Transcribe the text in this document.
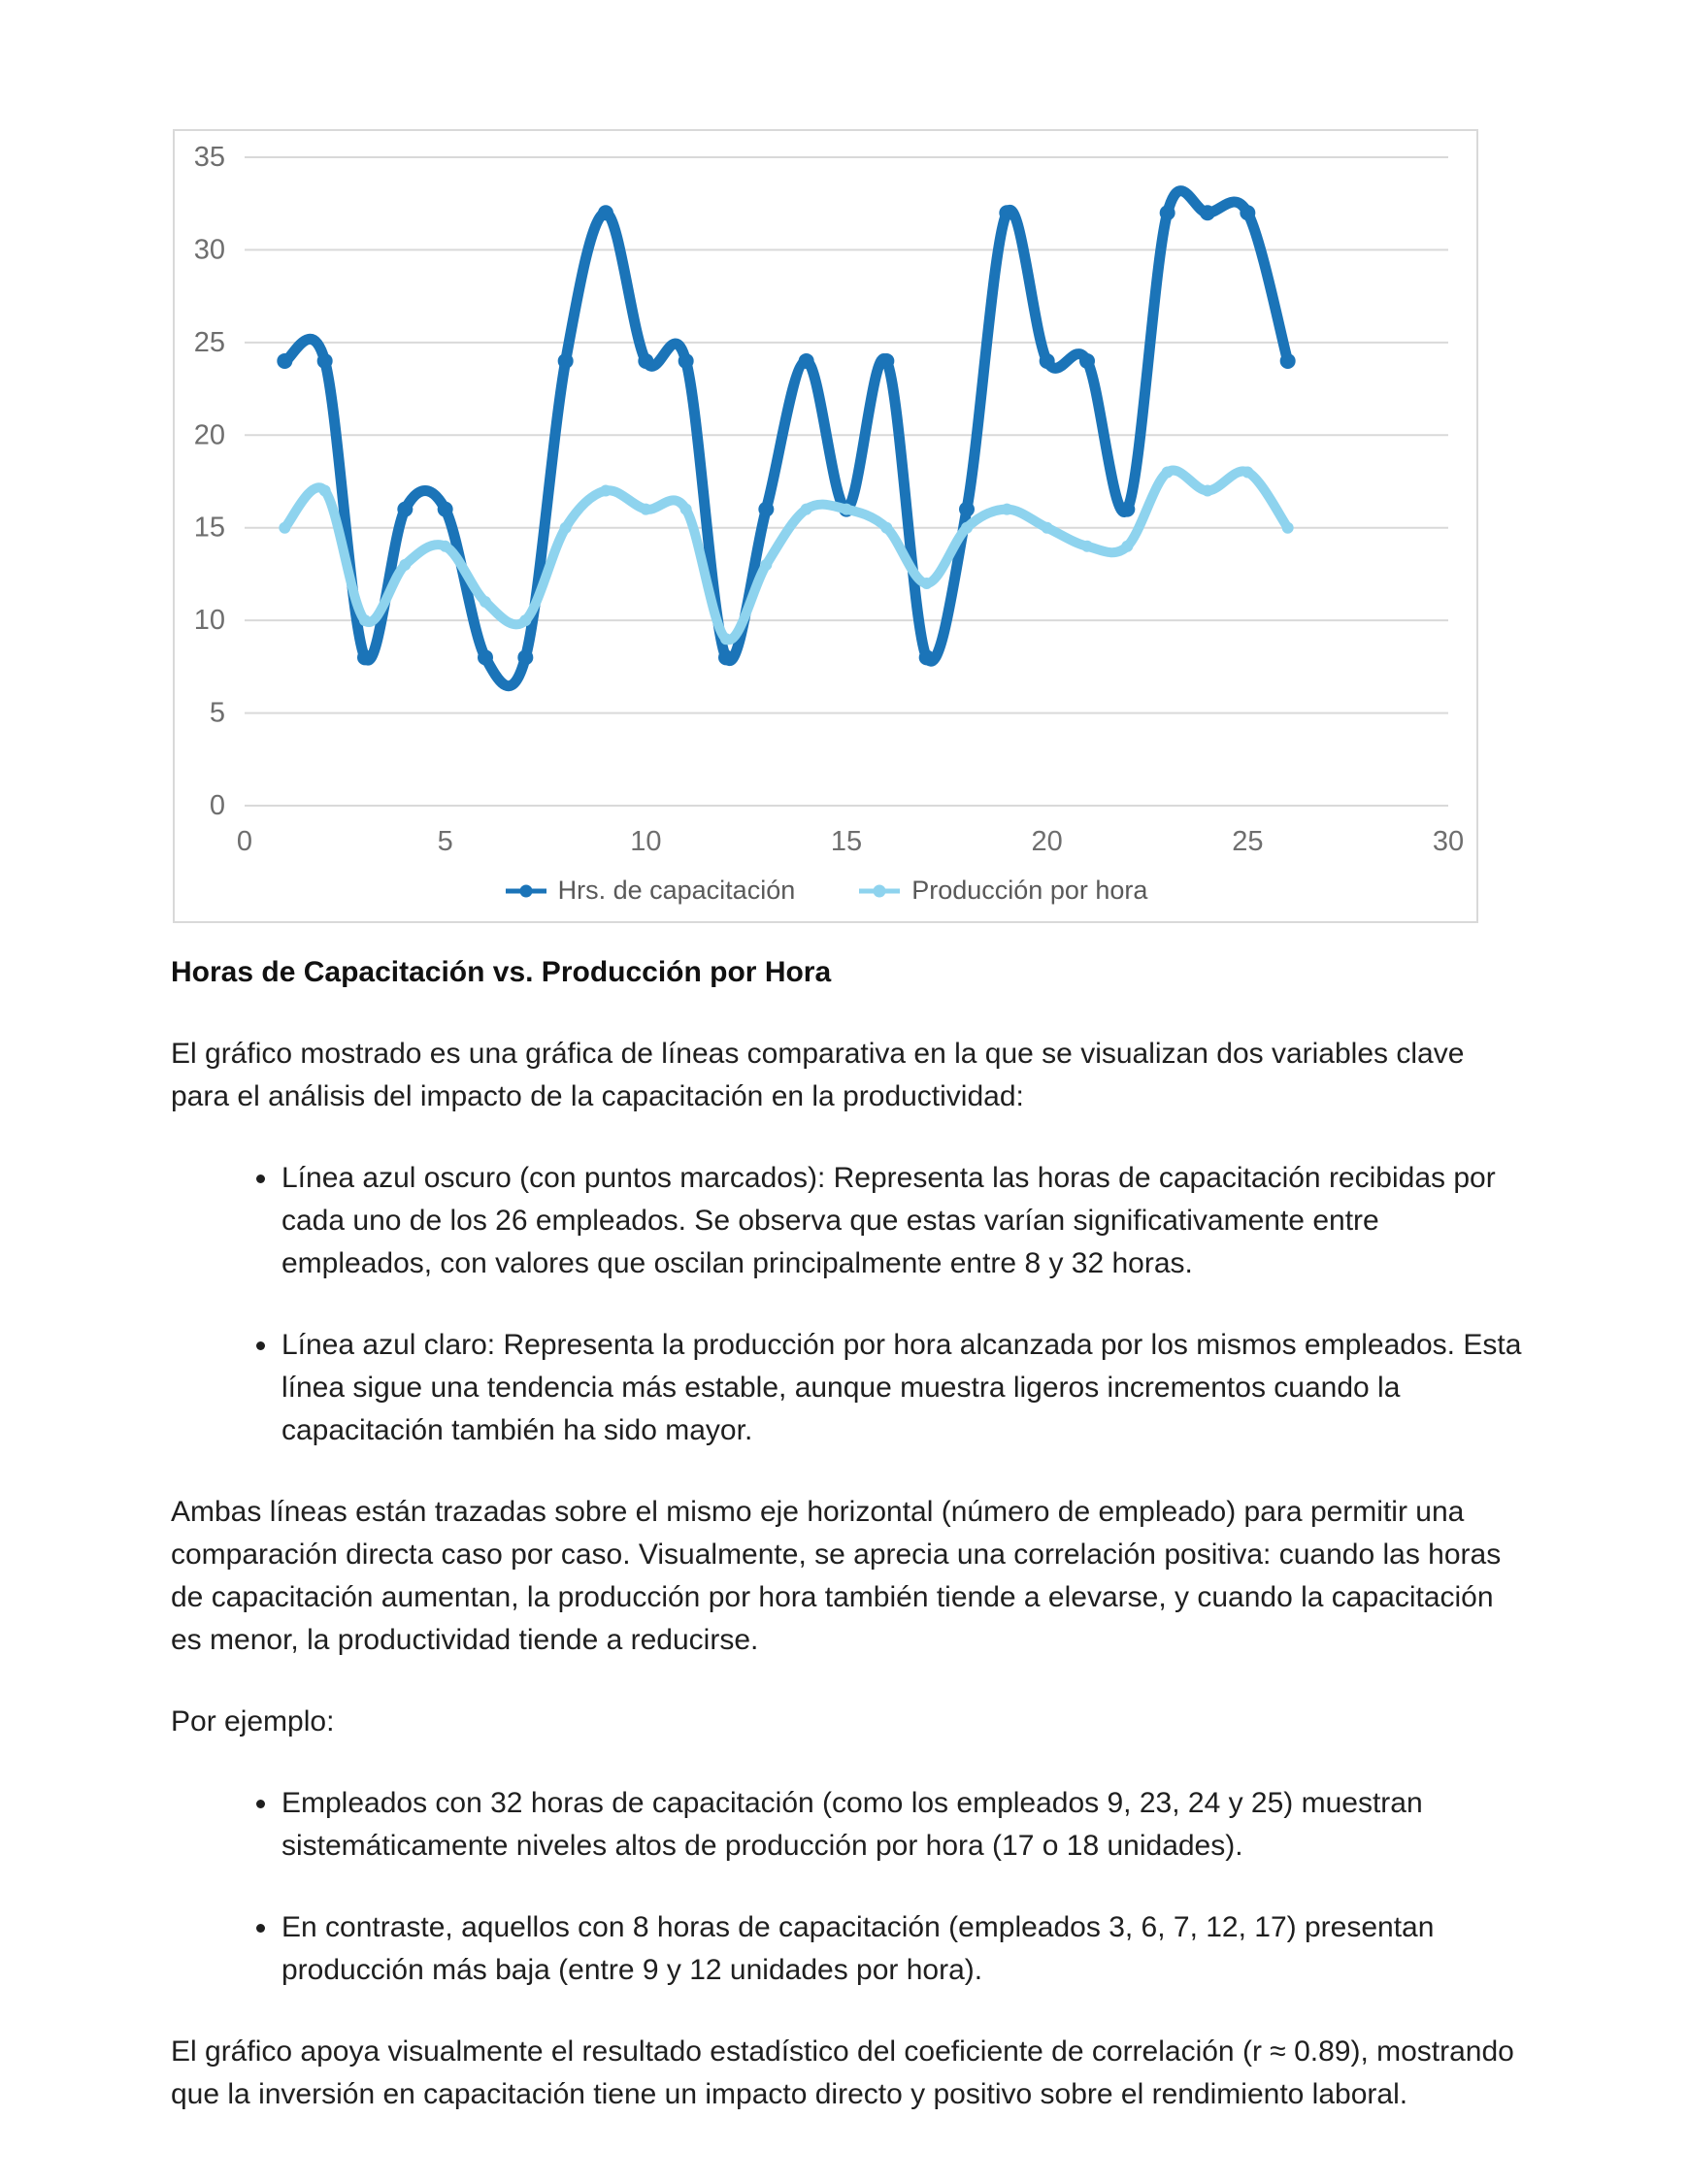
35
30
25
20
15
10
5
0
0	5	10	15	20	25	30
Hrs. de capacitación	Producción por hora
Horas de Capacitación vs. Producción por Hora

El gráfico mostrado es una gráfica de líneas comparativa en la que se visualizan dos variables clave para el análisis del impacto de la capacitación en la productividad:

• Línea azul oscuro (con puntos marcados): Representa las horas de capacitación recibidas por cada uno de los 26 empleados. Se observa que estas varían significativamente entre empleados, con valores que oscilan principalmente entre 8 y 32 horas.
• Línea azul claro: Representa la producción por hora alcanzada por los mismos empleados. Esta línea sigue una tendencia más estable, aunque muestra ligeros incrementos cuando la capacitación también ha sido mayor.

Ambas líneas están trazadas sobre el mismo eje horizontal (número de empleado) para permitir una comparación directa caso por caso. Visualmente, se aprecia una correlación positiva: cuando las horas de capacitación aumentan, la producción por hora también tiende a elevarse, y cuando la capacitación es menor, la productividad tiende a reducirse.

Por ejemplo:

• Empleados con 32 horas de capacitación (como los empleados 9, 23, 24 y 25) muestran sistemáticamente niveles altos de producción por hora (17 o 18 unidades).
• En contraste, aquellos con 8 horas de capacitación (empleados 3, 6, 7, 12, 17) presentan producción más baja (entre 9 y 12 unidades por hora).

El gráfico apoya visualmente el resultado estadístico del coeficiente de correlación (r ≈ 0.89), mostrando que la inversión en capacitación tiene un impacto directo y positivo sobre el rendimiento laboral.
